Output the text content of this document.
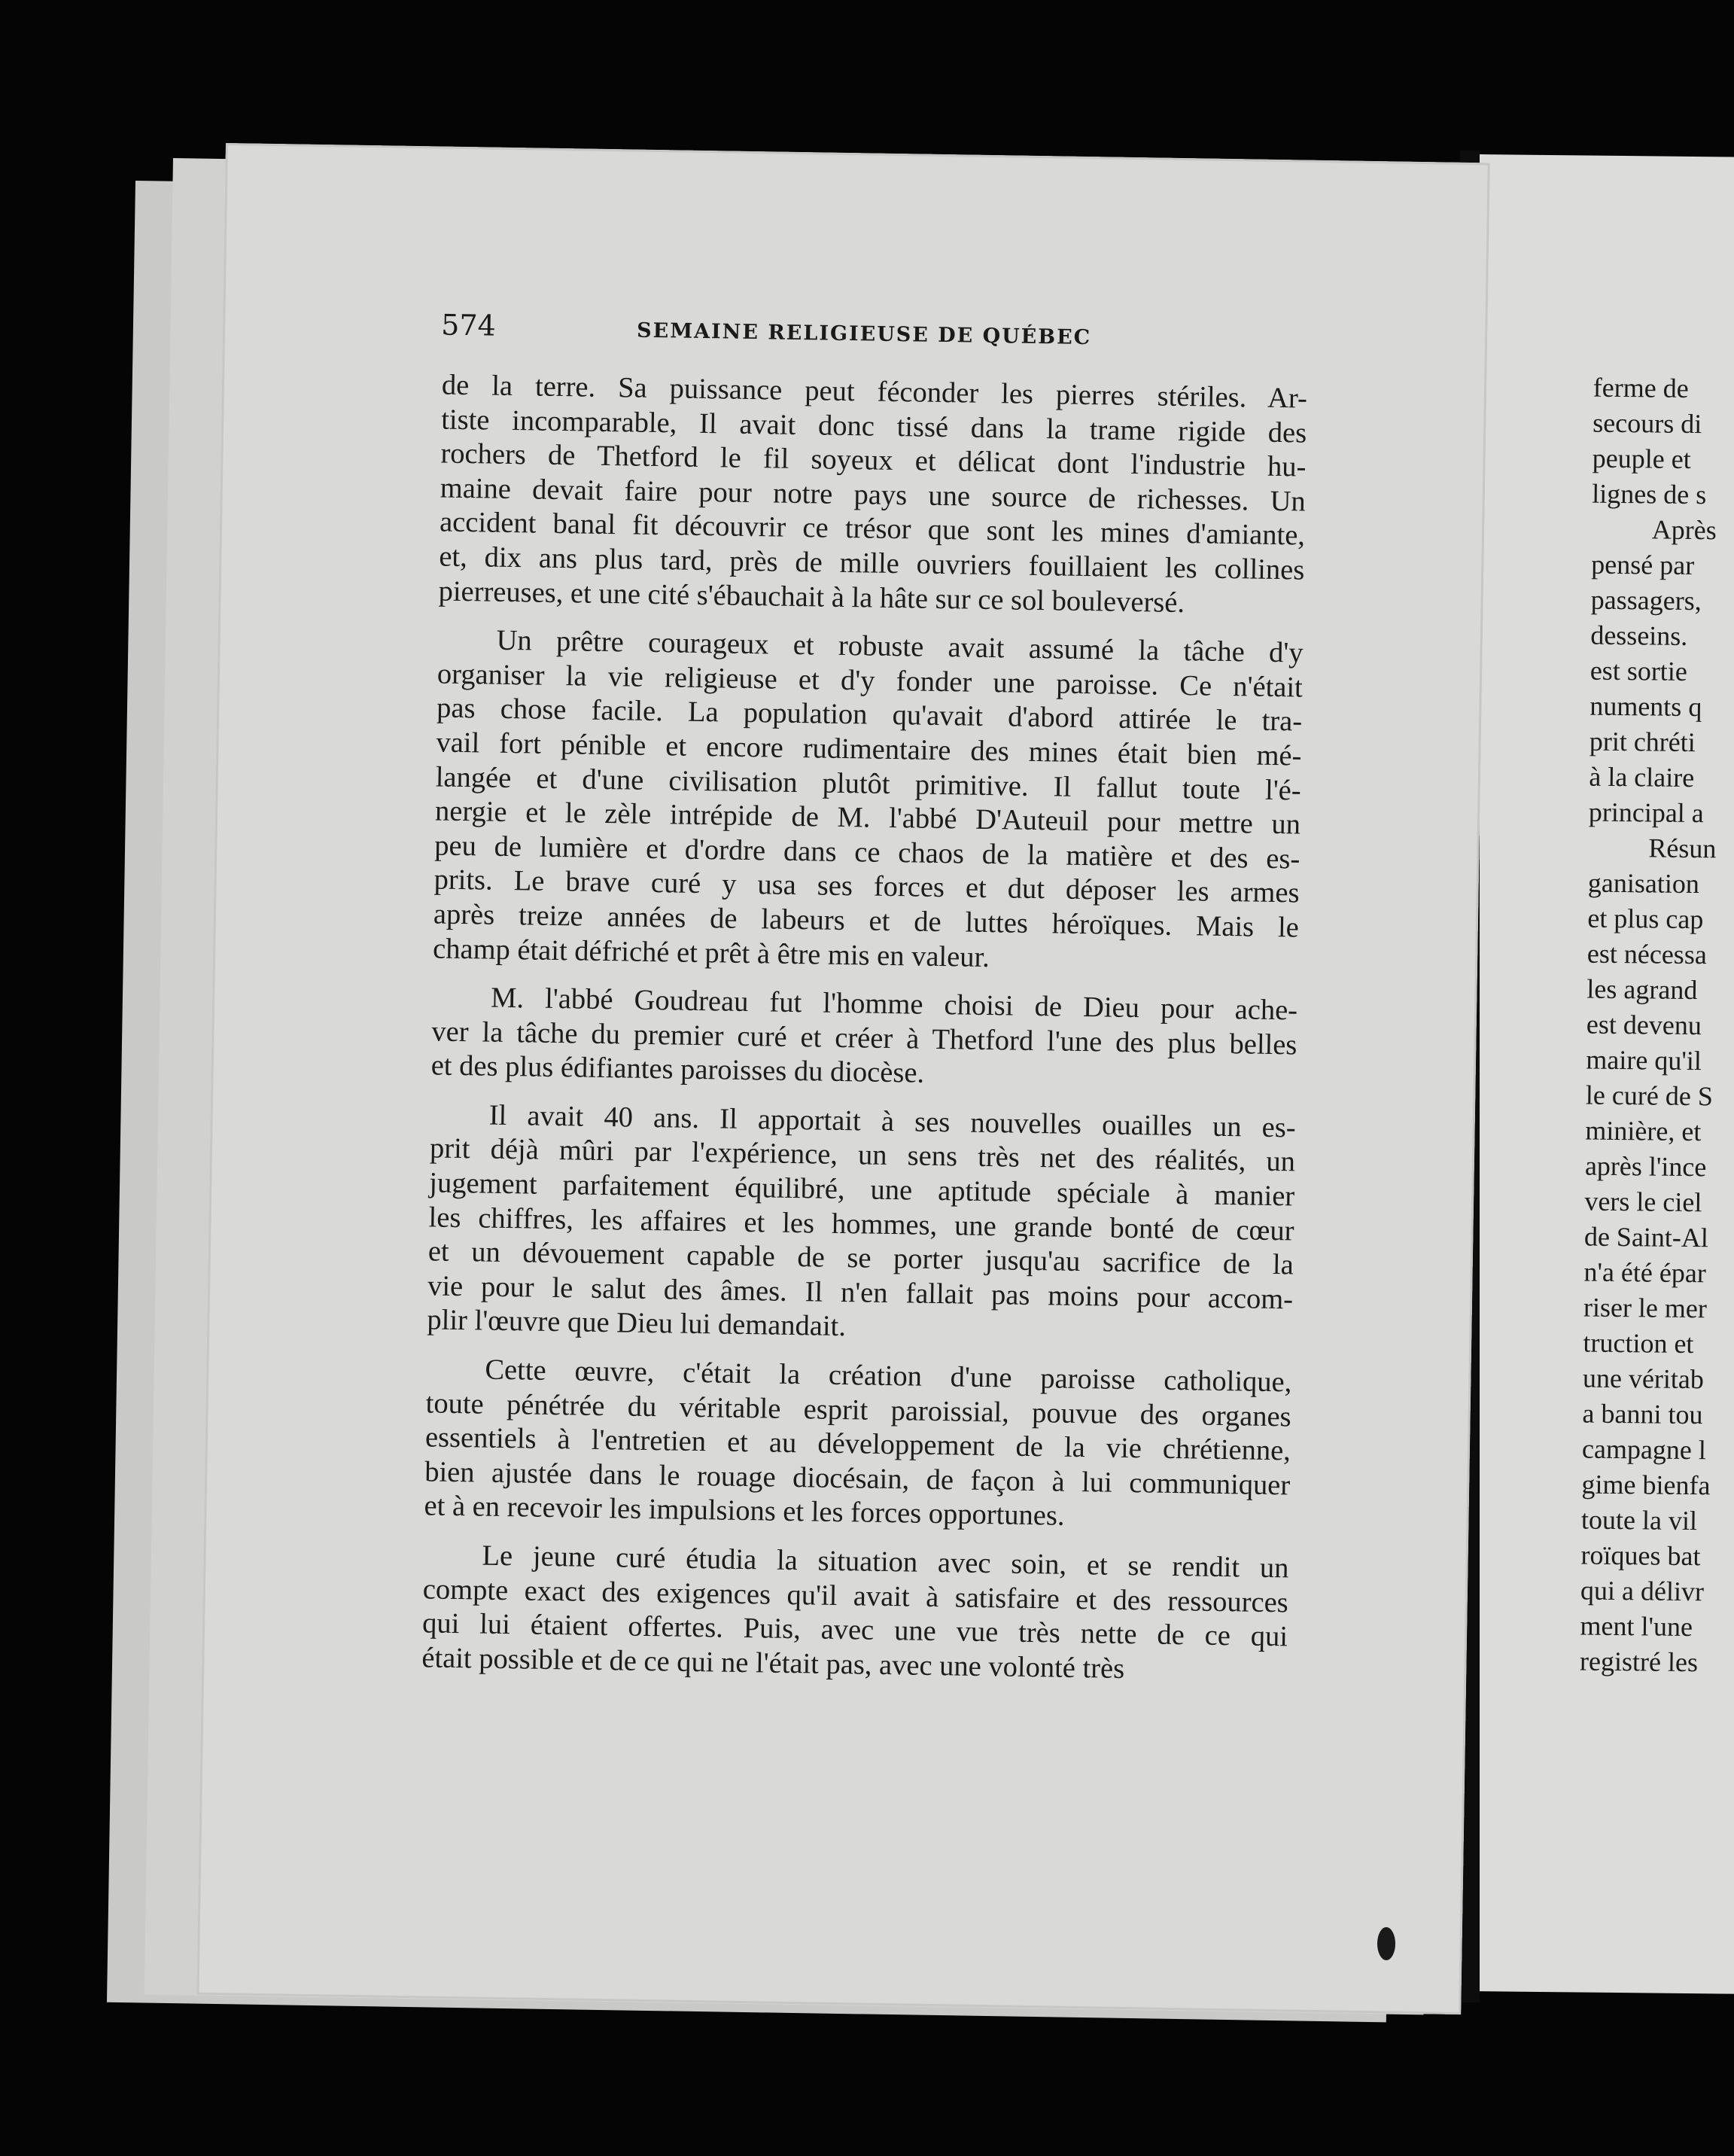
ferme de
secours di
peuple et
lignes de s
Après
pensé par
passagers,
desseins.
est sortie
numents q
prit chréti
à la claire
principal a
Résun
ganisation
et plus cap
est nécessa
les agrand
est devenu
maire qu'il
le curé de S
minière, et
après l'ince
vers le ciel
de Saint-Al
n'a été épar
riser le mer
truction et
une véritab
a banni tou
campagne l
gime bienfa
toute la vil
roïques bat
qui a délivr
ment l'une
registré les
574	SEMAINE RELIGIEUSE DE QUÉBEC
de la terre. Sa puissance peut féconder les pierres stériles. Ar-
tiste incomparable, Il avait donc tissé dans la trame rigide des
rochers de Thetford le fil soyeux et délicat dont l'industrie hu-
maine devait faire pour notre pays une source de richesses. Un
accident banal fit découvrir ce trésor que sont les mines d'amiante,
et, dix ans plus tard, près de mille ouvriers fouillaient les collines
pierreuses, et une cité s'ébauchait à la hâte sur ce sol bouleversé.
Un prêtre courageux et robuste avait assumé la tâche d'y
organiser la vie religieuse et d'y fonder une paroisse. Ce n'était
pas chose facile. La population qu'avait d'abord attirée le tra-
vail fort pénible et encore rudimentaire des mines était bien mé-
langée et d'une civilisation plutôt primitive. Il fallut toute l'é-
nergie et le zèle intrépide de M. l'abbé D'Auteuil pour mettre un
peu de lumière et d'ordre dans ce chaos de la matière et des es-
prits. Le brave curé y usa ses forces et dut déposer les armes
après treize années de labeurs et de luttes héroïques. Mais le
champ était défriché et prêt à être mis en valeur.
M. l'abbé Goudreau fut l'homme choisi de Dieu pour ache-
ver la tâche du premier curé et créer à Thetford l'une des plus belles
et des plus édifiantes paroisses du diocèse.
Il avait 40 ans. Il apportait à ses nouvelles ouailles un es-
prit déjà mûri par l'expérience, un sens très net des réalités, un
jugement parfaitement équilibré, une aptitude spéciale à manier
les chiffres, les affaires et les hommes, une grande bonté de cœur
et un dévouement capable de se porter jusqu'au sacrifice de la
vie pour le salut des âmes. Il n'en fallait pas moins pour accom-
plir l'œuvre que Dieu lui demandait.
Cette œuvre, c'était la création d'une paroisse catholique,
toute pénétrée du véritable esprit paroissial, pouvue des organes
essentiels à l'entretien et au développement de la vie chrétienne,
bien ajustée dans le rouage diocésain, de façon à lui communiquer
et à en recevoir les impulsions et les forces opportunes.
Le jeune curé étudia la situation avec soin, et se rendit un
compte exact des exigences qu'il avait à satisfaire et des ressources
qui lui étaient offertes. Puis, avec une vue très nette de ce qui
était possible et de ce qui ne l'était pas, avec une volonté très
